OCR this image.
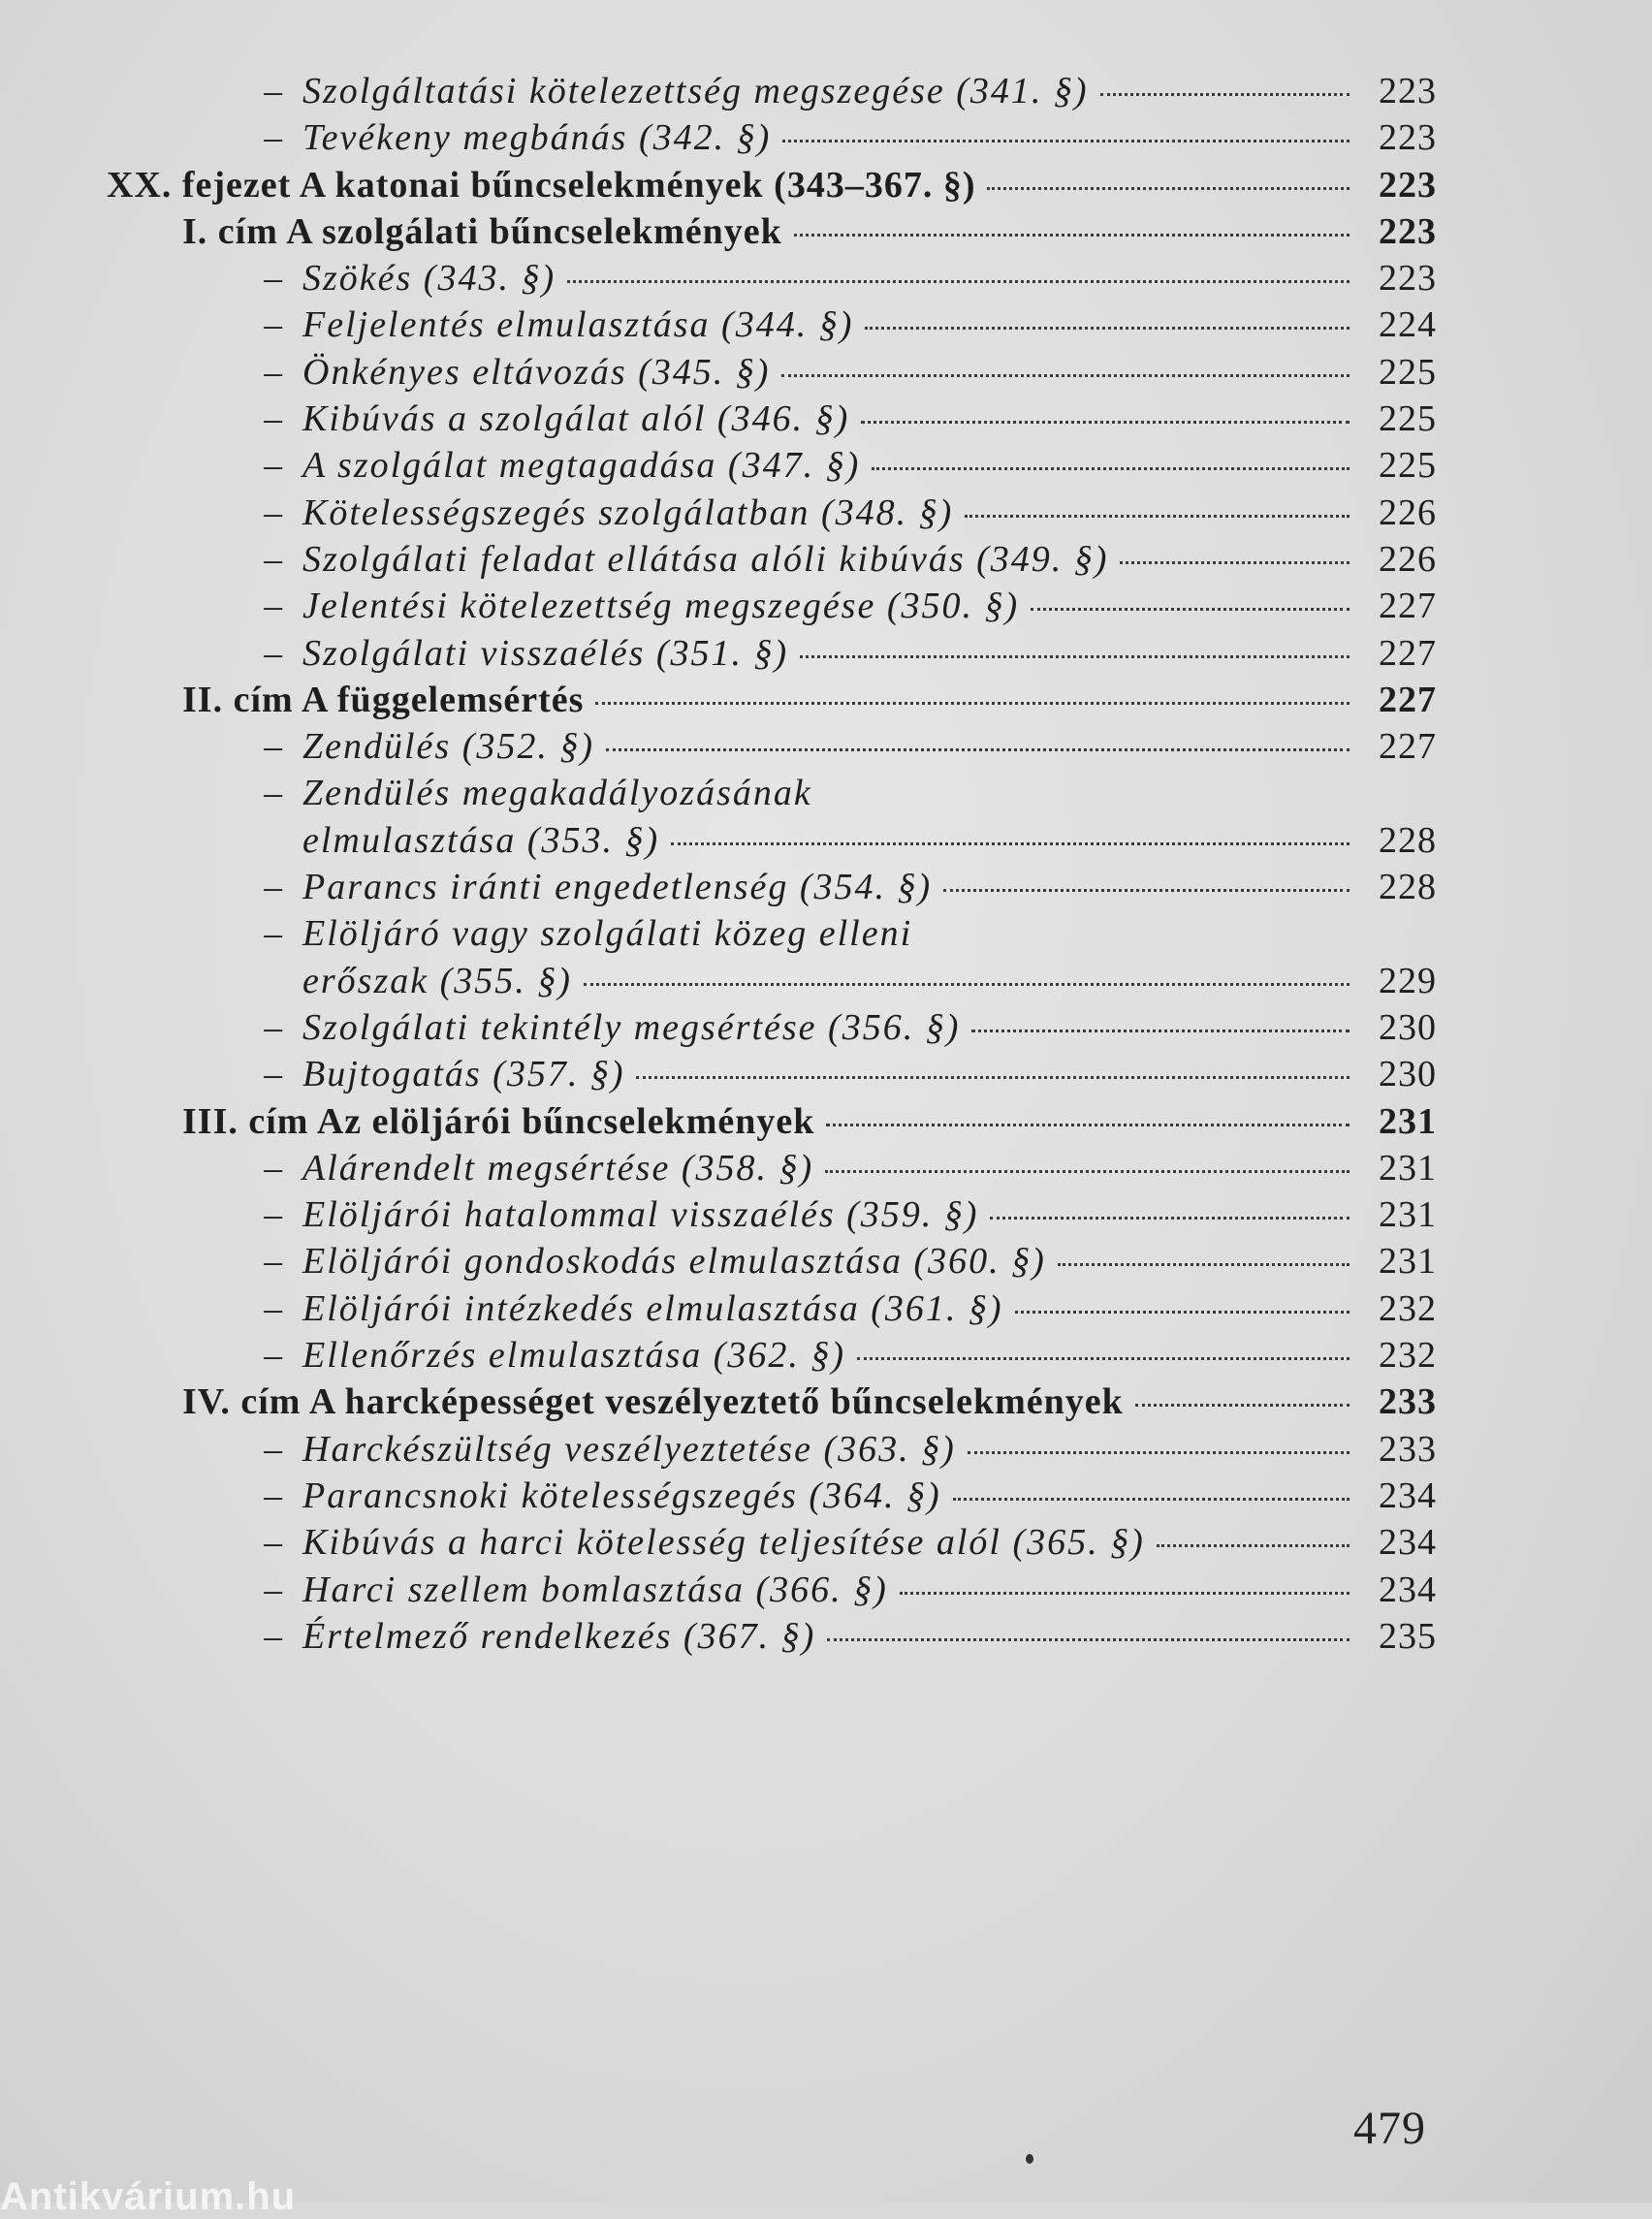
– Szolgáltatási kötelezettség megszegése (341. §)	223
– Tevékeny megbánás (342. §)	223
XX. fejezet A katonai bűncselekmények (343–367. §)	223
I. cím A szolgálati bűncselekmények	223
– Szökés (343. §)	223
– Feljelentés elmulasztása (344. §)	224
– Önkényes eltávozás (345. §)	225
– Kibúvás a szolgálat alól (346. §)	225
– A szolgálat megtagadása (347. §)	225
– Kötelességszegés szolgálatban (348. §)	226
– Szolgálati feladat ellátása alóli kibúvás (349. §)	226
– Jelentési kötelezettség megszegése (350. §)	227
– Szolgálati visszaélés (351. §)	227
II. cím A függelemsértés	227
– Zendülés (352. §)	227
– Zendülés megakadályozásának
elmulasztása (353. §)	228
– Parancs iránti engedetlenség (354. §)	228
– Elöljáró vagy szolgálati közeg elleni
erőszak (355. §)	229
– Szolgálati tekintély megsértése (356. §)	230
– Bujtogatás (357. §)	230
III. cím Az elöljárói bűncselekmények	231
– Alárendelt megsértése (358. §)	231
– Elöljárói hatalommal visszaélés (359. §)	231
– Elöljárói gondoskodás elmulasztása (360. §)	231
– Elöljárói intézkedés elmulasztása (361. §)	232
– Ellenőrzés elmulasztása (362. §)	232
IV. cím A harcképességet veszélyeztető bűncselekmények	233
– Harckészültség veszélyeztetése (363. §)	233
– Parancsnoki kötelességszegés (364. §)	234
– Kibúvás a harci kötelesség teljesítése alól (365. §)	234
– Harci szellem bomlasztása (366. §)	234
– Értelmező rendelkezés (367. §)	235
479
Antikvárium.hu
